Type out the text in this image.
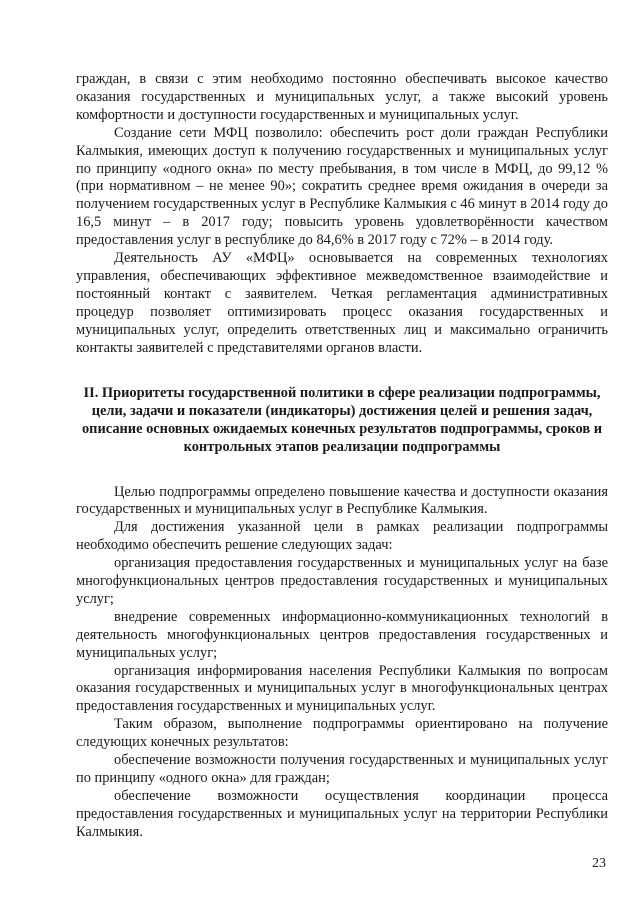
граждан, в связи с этим необходимо постоянно обеспечивать высокое качество оказания государственных и муниципальных услуг, а также высокий уровень комфортности и доступности государственных и муниципальных услуг.

Создание сети МФЦ позволило: обеспечить рост доли граждан Республики Калмыкия, имеющих доступ к получению государственных и муниципальных услуг по принципу «одного окна» по месту пребывания, в том числе в МФЦ, до 99,12 % (при нормативном – не менее 90»; сократить среднее время ожидания в очереди за получением государственных услуг в Республике Калмыкия с 46 минут в 2014 году до 16,5 минут – в 2017 году; повысить уровень удовлетворённости качеством предоставления услуг в республике до 84,6% в 2017 году с 72% – в 2014 году.

Деятельность АУ «МФЦ» основывается на современных технологиях управления, обеспечивающих эффективное межведомственное взаимодействие и постоянный контакт с заявителем. Четкая регламентация административных процедур позволяет оптимизировать процесс оказания государственных и муниципальных услуг, определить ответственных лиц и максимально ограничить контакты заявителей с представителями органов власти.

II. Приоритеты государственной политики в сфере реализации подпрограммы, цели, задачи и показатели (индикаторы) достижения целей и решения задач, описание основных ожидаемых конечных результатов подпрограммы, сроков и контрольных этапов реализации подпрограммы

Целью подпрограммы определено повышение качества и доступности оказания государственных и муниципальных услуг в Республике Калмыкия.

Для достижения указанной цели в рамках реализации подпрограммы необходимо обеспечить решение следующих задач:

организация предоставления государственных и муниципальных услуг на базе многофункциональных центров предоставления государственных и муниципальных услуг;

внедрение современных информационно-коммуникационных технологий в деятельность многофункциональных центров предоставления государственных и муниципальных услуг;

организация информирования населения Республики Калмыкия по вопросам оказания государственных и муниципальных услуг в многофункциональных центрах предоставления государственных и муниципальных услуг.

Таким образом, выполнение подпрограммы ориентировано на получение следующих конечных результатов:

обеспечение возможности получения государственных и муниципальных услуг по принципу «одного окна» для граждан;

обеспечение возможности осуществления координации процесса предоставления государственных и муниципальных услуг на территории Республики Калмыкия.

23
